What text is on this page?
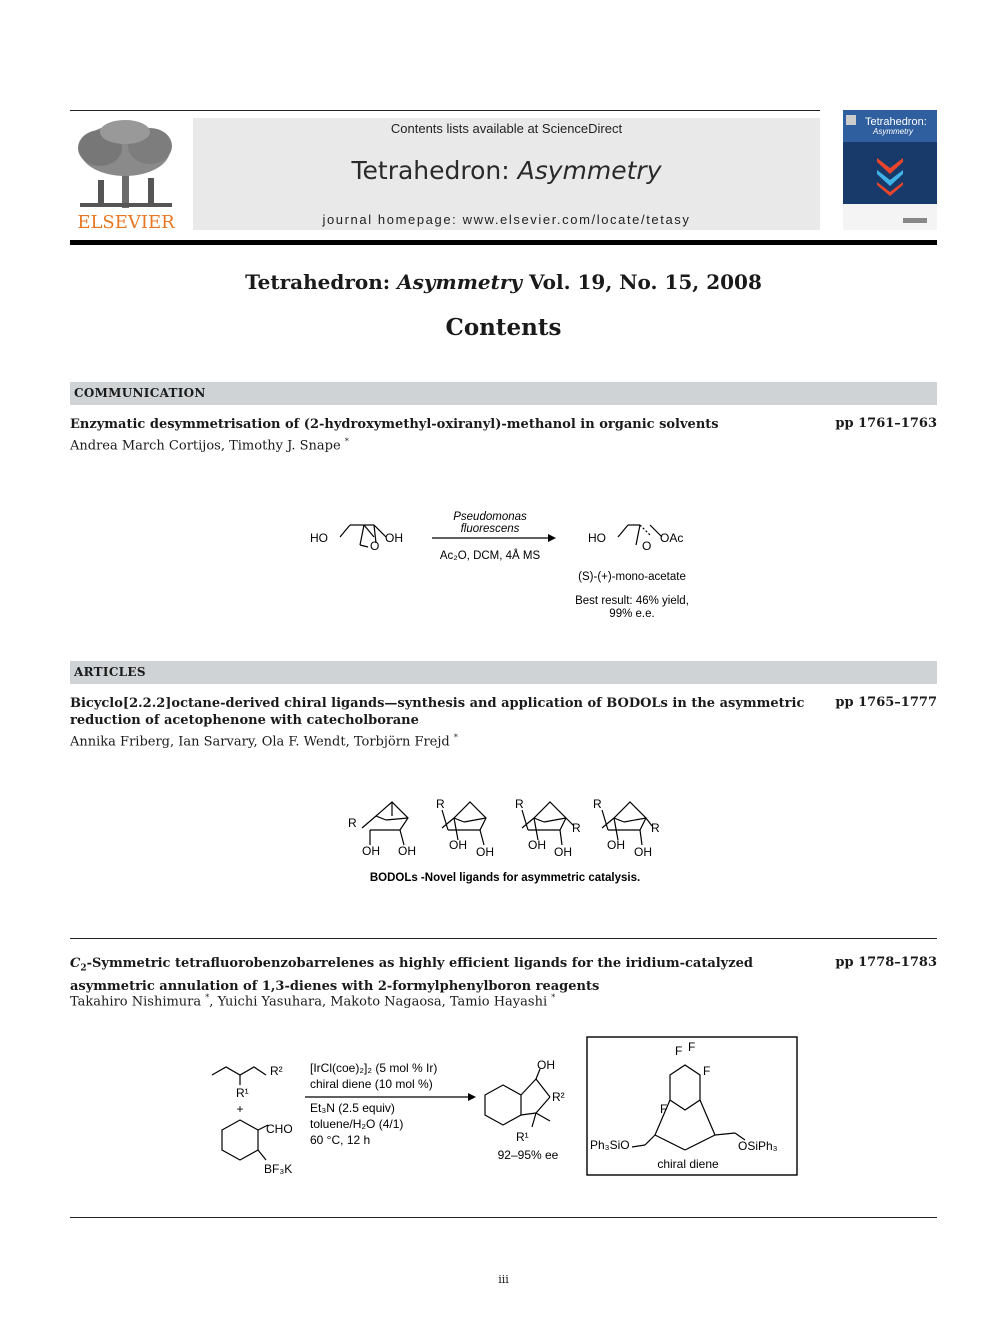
ELSEVIER
Contents lists available at ScienceDirect
Tetrahedron: Asymmetry
journal homepage: www.elsevier.com/locate/tetasy
Tetrahedron:
Asymmetry
Tetrahedron: Asymmetry Vol. 19, No. 15, 2008
Contents
COMMUNICATION
Enzymatic desymmetrisation of (2-hydroxymethyl-oxiranyl)-methanol in organic solvents	pp 1761–1763
Andrea March Cortijos, Timothy J. Snape *
HO	OH
O
Pseudomonas
fluorescens
Ac₂O, DCM, 4Å MS
HO
O
OAc
(S)-(+)-mono-acetate
Best result: 46% yield,
99% e.e.
ARTICLES
Bicyclo[2.2.2]octane-derived chiral ligands—synthesis and application of BODOLs in the asymmetric reduction of acetophenone with catecholborane
pp 1765–1777
Annika Friberg, Ian Sarvary, Ola F. Wendt, Torbjörn Frejd *
R
OH OH
R
OH OH
R
R
OH OH
R
R
OH OH
BODOLs -Novel ligands for asymmetric catalysis.
$C_2$-Symmetric tetrafluorobenzobarrelenes as highly efficient ligands for the iridium-catalyzed asymmetric annulation of 1,3-dienes with 2-formylphenylboron reagents
pp 1778–1783
Takahiro Nishimura *, Yuichi Yasuhara, Makoto Nagaosa, Tamio Hayashi *
R²
R¹
+
CHO
BF₃K
[IrCl(coe)₂]₂ (5 mol % Ir)
chiral diene (10 mol %)
Et₃N (2.5 equiv)
toluene/H₂O (4/1)
60 °C, 12 h
OH
R²
R¹
92–95% ee
F F
F
F
Ph₃SiO	OSiPh₃
chiral diene
iii
